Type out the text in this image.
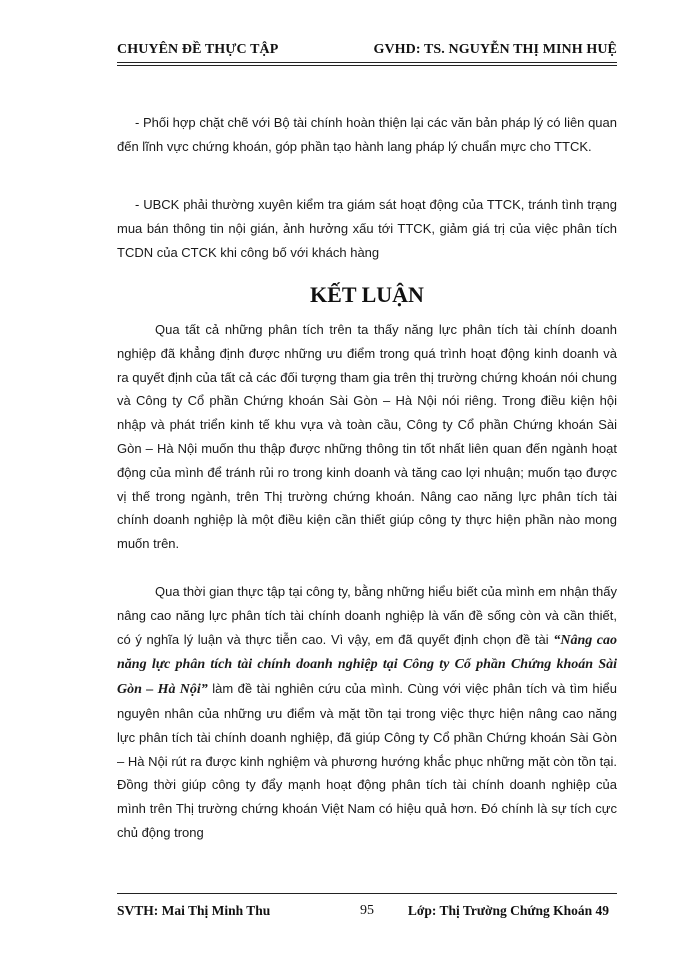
CHUYÊN ĐỀ THỰC TẬP	GVHD: TS. NGUYỄN THỊ MINH HUỆ

- Phối hợp chặt chẽ với Bộ tài chính hoàn thiện lại các văn bản pháp lý có liên quan đến lĩnh vực chứng khoán, góp phần tạo hành lang pháp lý chuẩn mực cho TTCK.

- UBCK phải thường xuyên kiểm tra giám sát hoạt động của TTCK, tránh tình trạng mua bán thông tin nội gián, ảnh hưởng xấu tới TTCK, giảm giá trị của việc phân tích TCDN của CTCK khi công bố với khách hàng

KẾT LUẬN

Qua tất cả những phân tích trên ta thấy năng lực phân tích tài chính doanh nghiệp đã khẳng định được những ưu điểm trong quá trình hoạt động kinh doanh và ra quyết định của tất cả các đối tượng tham gia trên thị trường chứng khoán nói chung và Công ty Cổ phần Chứng khoán Sài Gòn – Hà Nội nói riêng. Trong điều kiện hội nhập và phát triển kinh tế khu vựa và toàn cầu, Công ty Cổ phần Chứng khoán Sài Gòn – Hà Nội muốn thu thập được những thông tin tốt nhất liên quan đến ngành hoạt động của mình để tránh rủi ro trong kinh doanh và tăng cao lợi nhuận; muốn tạo được vị thế trong ngành, trên Thị trường chứng khoán. Nâng cao năng lực phân tích tài chính doanh nghiệp là một điều kiện cần thiết giúp công ty thực hiện phần nào mong muốn trên.

Qua thời gian thực tập tại công ty, bằng những hiểu biết của mình em nhận thấy nâng cao năng lực phân tích tài chính doanh nghiệp là vấn đề sống còn và cần thiết, có ý nghĩa lý luận và thực tiễn cao. Vì vậy, em đã quyết định chọn đề tài “Nâng cao năng lực phân tích tài chính doanh nghiệp tại Công ty Cổ phần Chứng khoán Sài Gòn – Hà Nội” làm đề tài nghiên cứu của mình. Cùng với việc phân tích và tìm hiểu nguyên nhân của những ưu điểm và mặt tồn tại trong việc thực hiện nâng cao năng lực phân tích tài chính doanh nghiệp, đã giúp Công ty Cổ phần Chứng khoán Sài Gòn – Hà Nội rút ra được kinh nghiệm và phương hướng khắc phục những mặt còn tồn tại. Đồng thời giúp công ty đẩy mạnh hoạt động phân tích tài chính doanh nghiệp của mình trên Thị trường chứng khoán Việt Nam có hiệu quả hơn. Đó chính là sự tích cực chủ động trong

SVTH: Mai Thị Minh Thu	95	Lớp: Thị Trường Chứng Khoán 49
